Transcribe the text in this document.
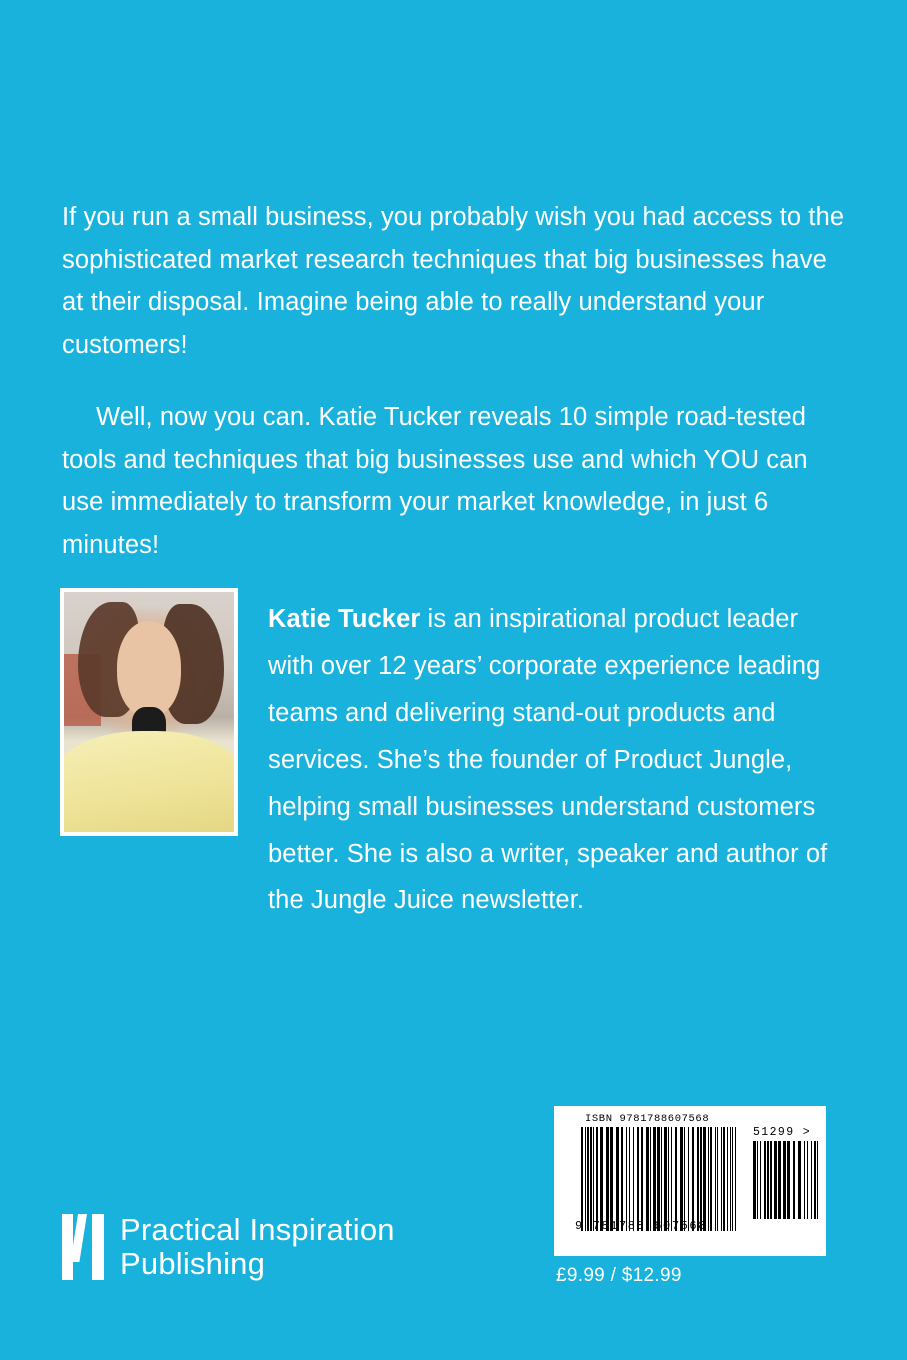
If you run a small business, you probably wish you had access to the sophisticated market research techniques that big businesses have at their disposal. Imagine being able to really understand your customers!

Well, now you can. Katie Tucker reveals 10 simple road-tested tools and techniques that big businesses use and which YOU can use immediately to transform your market knowledge, in just 6 minutes!

Katie Tucker is an inspirational product leader with over 12 years’ corporate experience leading teams and delivering stand-out products and services. She’s the founder of Product Jungle, helping small businesses understand customers better. She is also a writer, speaker and author of the Jungle Juice newsletter.
Practical Inspiration
Publishing
ISBN 9781788607568
9 781788 607568
51299 >
£9.99 / $12.99
